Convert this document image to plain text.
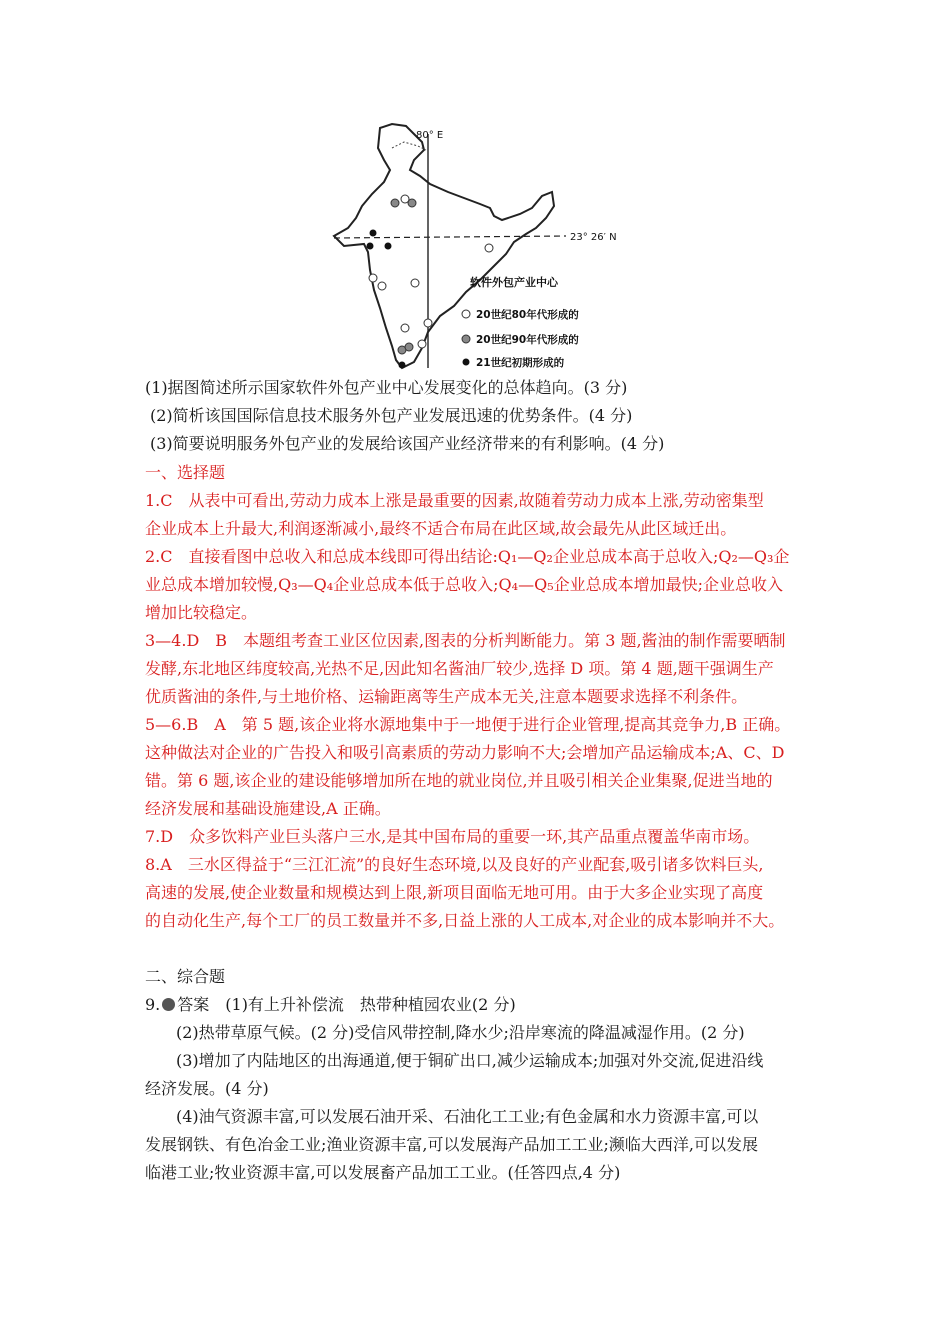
80° E
23° 26′ N
软件外包产业中心
20世纪80年代形成的
20世纪90年代形成的
21世纪初期形成的
(1)据图简述所示国家软件外包产业中心发展变化的总体趋向。(3 分)
(2)简析该国国际信息技术服务外包产业发展迅速的优势条件。(4 分)
(3)简要说明服务外包产业的发展给该国产业经济带来的有利影响。(4 分)
一、选择题
1.C　从表中可看出,劳动力成本上涨是最重要的因素,故随着劳动力成本上涨,劳动密集型
企业成本上升最大,利润逐渐减小,最终不适合布局在此区域,故会最先从此区域迁出。
2.C　直接看图中总收入和总成本线即可得出结论:Q₁—Q₂企业总成本高于总收入;Q₂—Q₃企
业总成本增加较慢,Q₃—Q₄企业总成本低于总收入;Q₄—Q₅企业总成本增加最快;企业总收入
增加比较稳定。
3—4.D　B　本题组考查工业区位因素,图表的分析判断能力。第 3 题,酱油的制作需要晒制
发酵,东北地区纬度较高,光热不足,因此知名酱油厂较少,选择 D 项。第 4 题,题干强调生产
优质酱油的条件,与土地价格、运输距离等生产成本无关,注意本题要求选择不利条件。
5—6.B　A　第 5 题,该企业将水源地集中于一地便于进行企业管理,提高其竞争力,B 正确。
这种做法对企业的广告投入和吸引高素质的劳动力影响不大;会增加产品运输成本;A、C、D
错。第 6 题,该企业的建设能够增加所在地的就业岗位,并且吸引相关企业集聚,促进当地的
经济发展和基础设施建设,A 正确。
7.D　众多饮料产业巨头落户三水,是其中国布局的重要一环,其产品重点覆盖华南市场。
8.A　三水区得益于“三江汇流”的良好生态环境,以及良好的产业配套,吸引诸多饮料巨头,
高速的发展,使企业数量和规模达到上限,新项目面临无地可用。由于大多企业实现了高度
的自动化生产,每个工厂的员工数量并不多,日益上涨的人工成本,对企业的成本影响并不大。
二、综合题
9. 答案　(1)有上升补偿流　热带种植园农业(2 分)
(2)热带草原气候。(2 分)受信风带控制,降水少;沿岸寒流的降温减湿作用。(2 分)
(3)增加了内陆地区的出海通道,便于铜矿出口,减少运输成本;加强对外交流,促进沿线
经济发展。(4 分)
(4)油气资源丰富,可以发展石油开采、石油化工工业;有色金属和水力资源丰富,可以
发展钢铁、有色冶金工业;渔业资源丰富,可以发展海产品加工工业;濒临大西洋,可以发展
临港工业;牧业资源丰富,可以发展畜产品加工工业。(任答四点,4 分)
